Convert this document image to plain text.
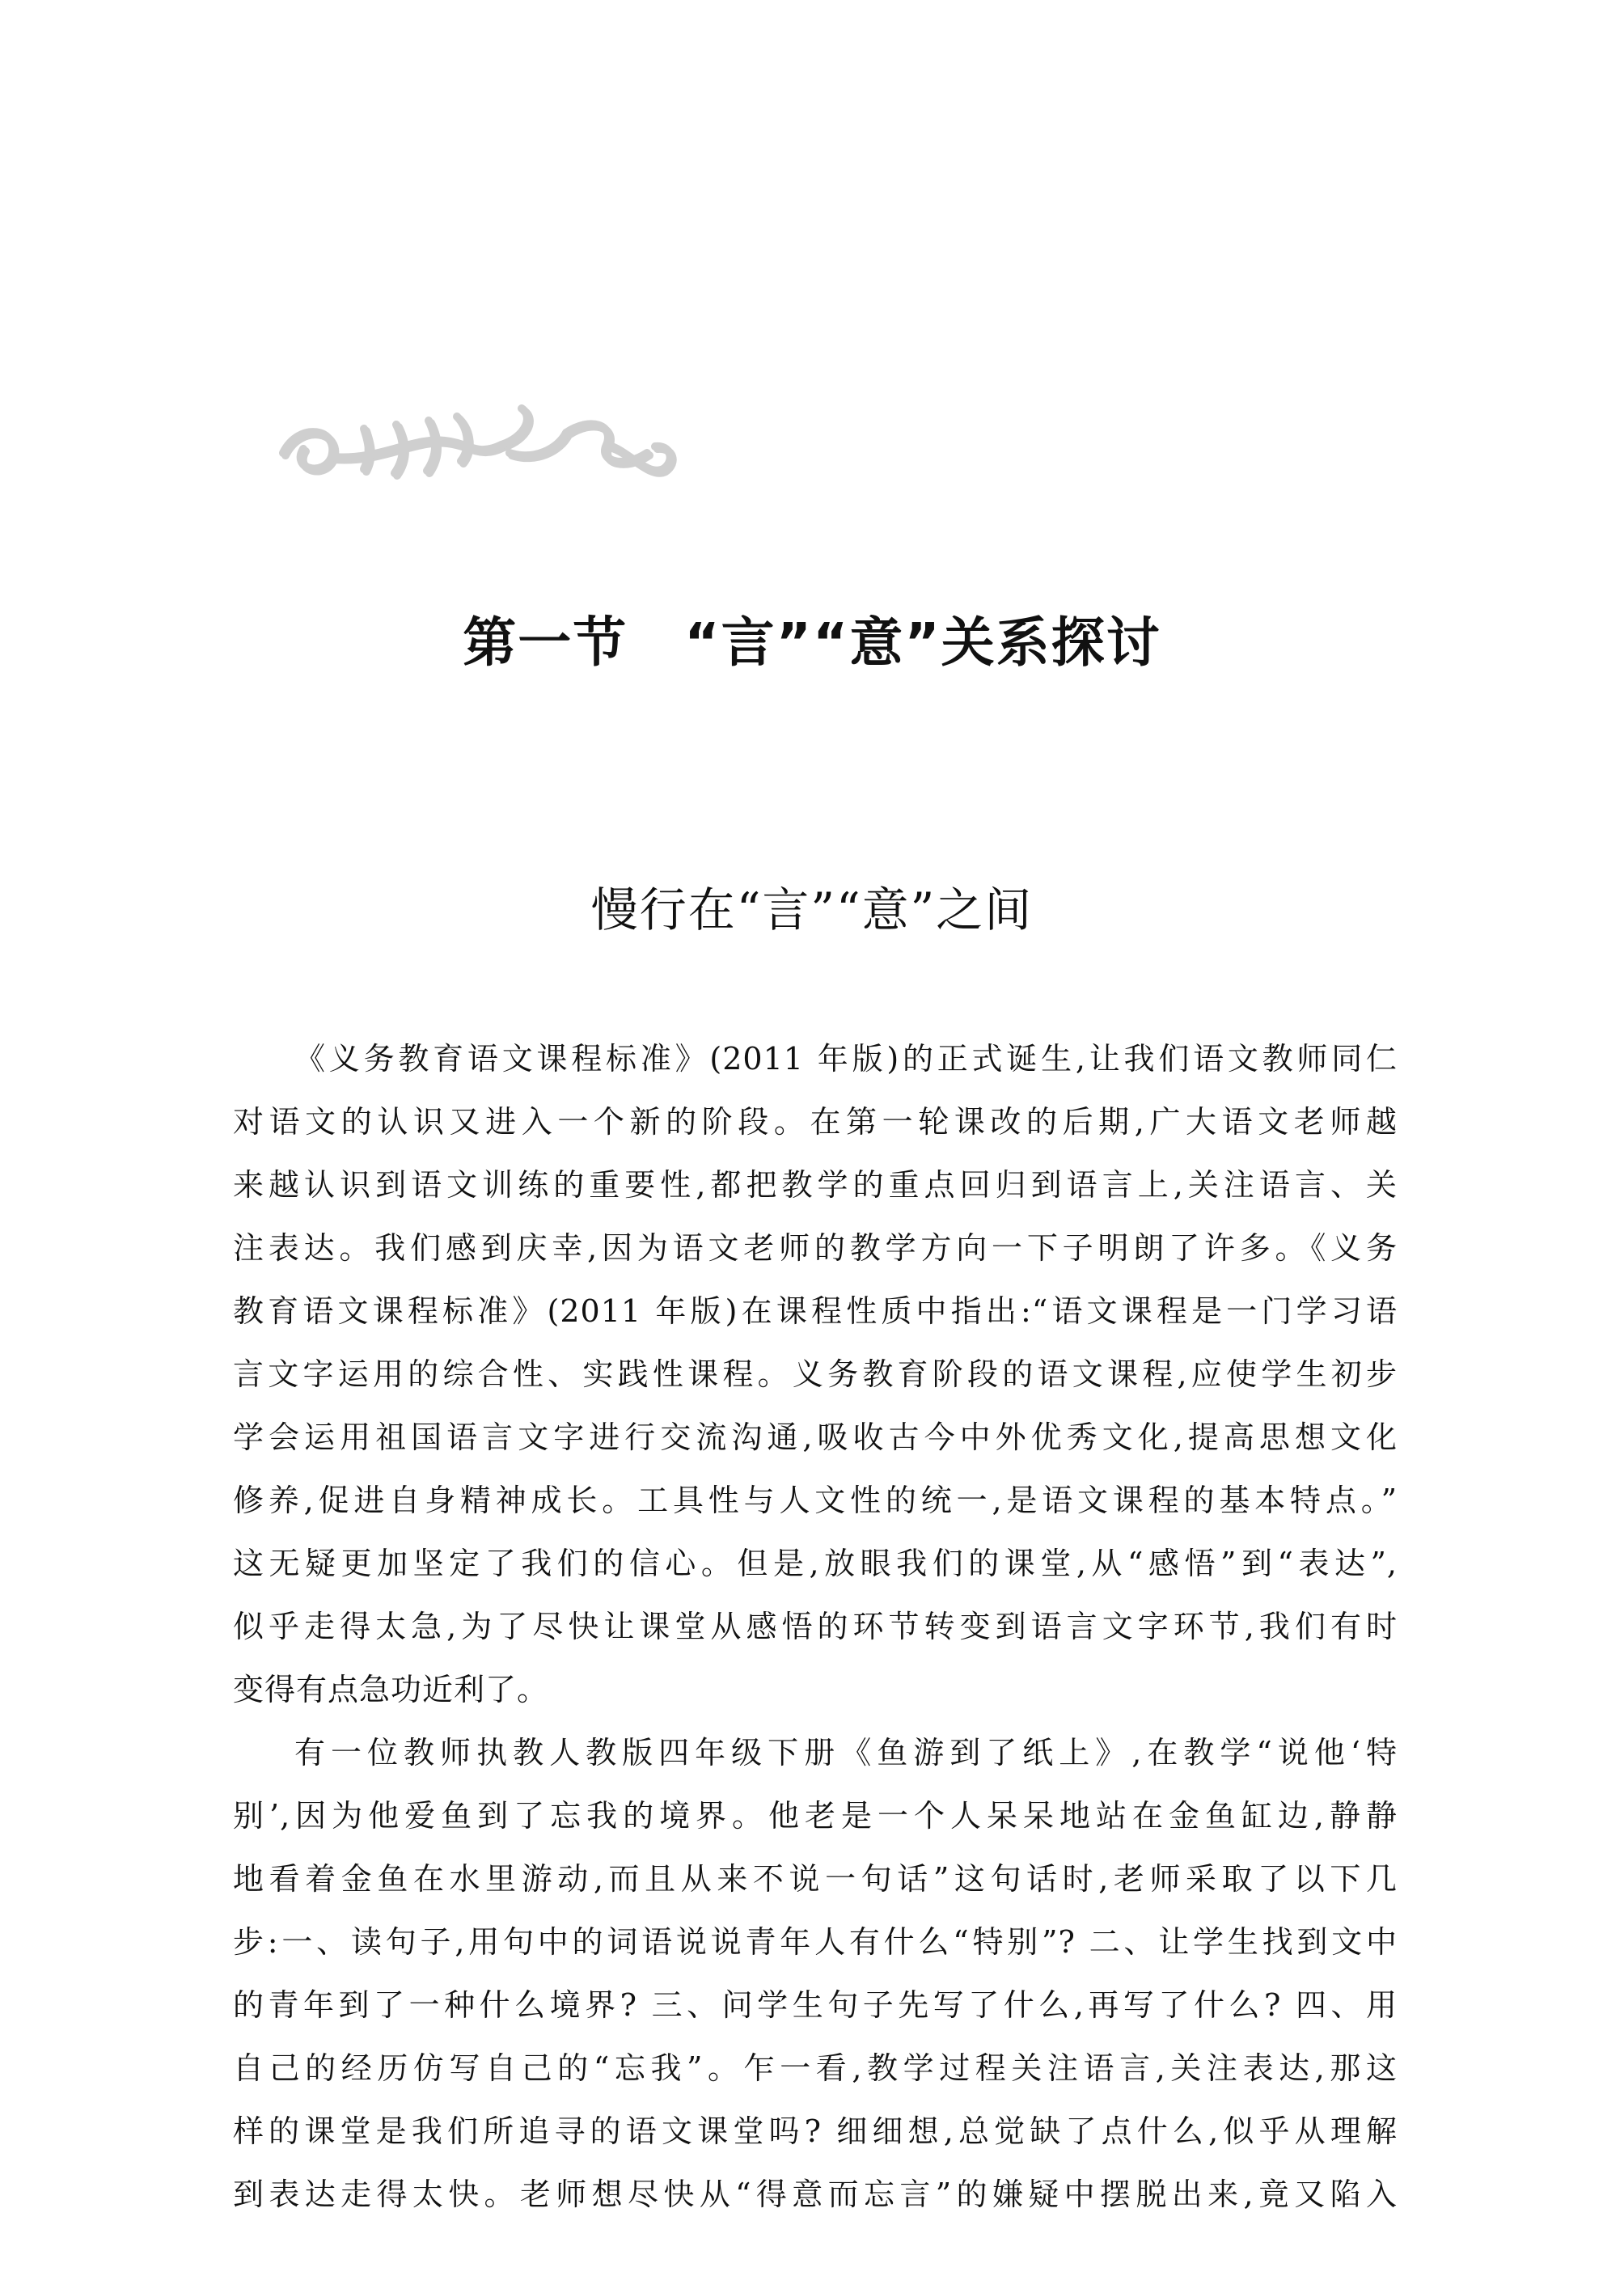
第一节 “言”“意”关系探讨
慢行在“言”“意”之间
《义务教育语文课程标准》(2011 年版)的正式诞生,让我们语文教师同仁
对语文的认识又进入一个新的阶段。在第一轮课改的后期,广大语文老师越
来越认识到语文训练的重要性,都把教学的重点回归到语言上,关注语言、关
注表达。我们感到庆幸,因为语文老师的教学方向一下子明朗了许多。《义务
教育语文课程标准》(2011 年版)在课程性质中指出:“语文课程是一门学习语
言文字运用的综合性、实践性课程。义务教育阶段的语文课程,应使学生初步
学会运用祖国语言文字进行交流沟通,吸收古今中外优秀文化,提高思想文化
修养,促进自身精神成长。工具性与人文性的统一,是语文课程的基本特点。”
这无疑更加坚定了我们的信心。但是,放眼我们的课堂,从“感悟”到“表达”,
似乎走得太急,为了尽快让课堂从感悟的环节转变到语言文字环节,我们有时
变得有点急功近利了。
有一位教师执教人教版四年级下册《鱼游到了纸上》,在教学“说他‘特
别’,因为他爱鱼到了忘我的境界。他老是一个人呆呆地站在金鱼缸边,静静
地看着金鱼在水里游动,而且从来不说一句话”这句话时,老师采取了以下几
步:一、读句子,用句中的词语说说青年人有什么“特别”? 二、让学生找到文中
的青年到了一种什么境界? 三、问学生句子先写了什么,再写了什么? 四、用
自己的经历仿写自己的“忘我”。乍一看,教学过程关注语言,关注表达,那这
样的课堂是我们所追寻的语文课堂吗? 细细想,总觉缺了点什么,似乎从理解
到表达走得太快。老师想尽快从“得意而忘言”的嫌疑中摆脱出来,竟又陷入
